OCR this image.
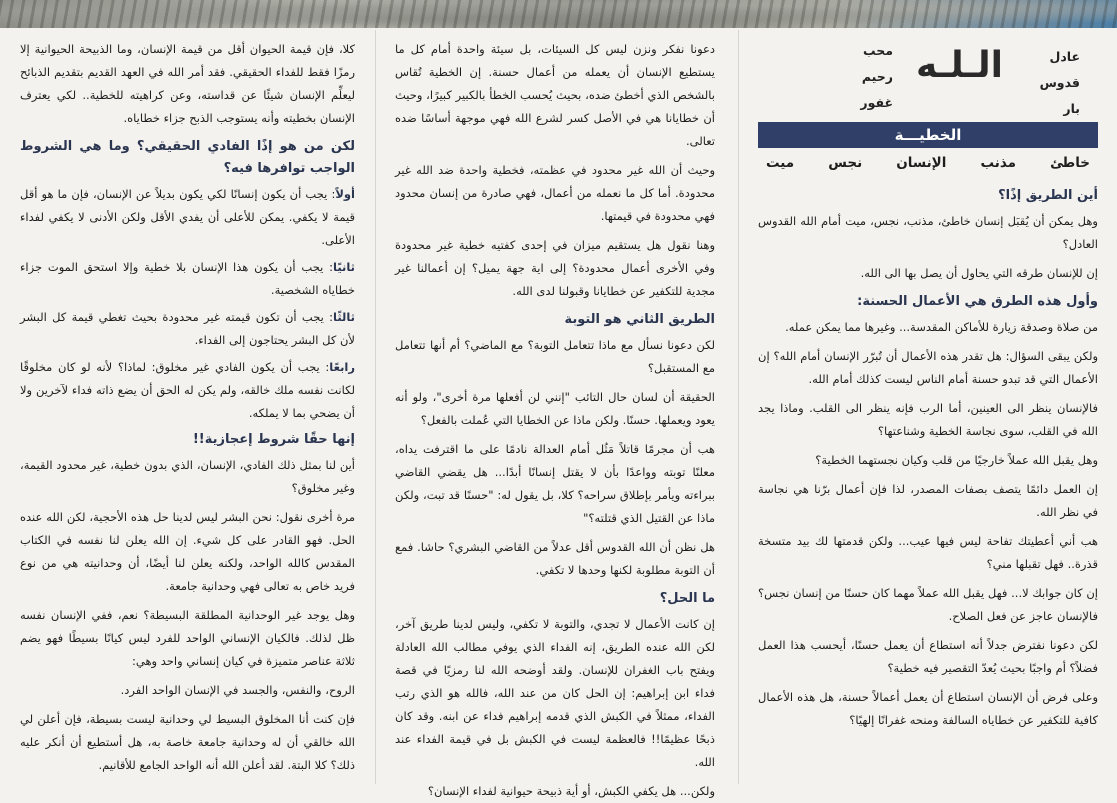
عادل
قدوس
بار
الـلـه
محب
رحيم
غفور
الخطيـــة
خاطئ
مذنب
الإنسان
نجس
ميت
أين الطريق إذًا؟

وهل يمكن أن يُقبَل إنسان خاطئ، مذنب، نجس، ميت أمام الله القدوس العادل؟

إن للإنسان طرقه التي يحاول أن يصل بها الى الله.

وأول هذه الطرق هي الأعمال الحسنة:

من صلاة وصدقة زيارة للأماكن المقدسة... وغيرها مما يمكن عمله.

ولكن يبقى السؤال: هل تقدر هذه الأعمال أن تُبرّر الإنسان أمام الله؟ إن الأعمال التي قد تبدو حسنة أمام الناس ليست كذلك أمام الله.

فالإنسان ينظر الى العينين، أما الرب فإنه ينظر الى القلب. وماذا يجد الله في القلب، سوى نجاسة الخطية وشناعتها؟

وهل يقبل الله عملاً خارجيًا من قلب وكيان نجستهما الخطية؟

إن العمل دائمًا يتصف بصفات المصدر، لذا فإن أعمال برّنا هي نجاسة في نظر الله.

هب أني أعطيتك تفاحة ليس فيها عيب... ولكن قدمتها لك بيد متسخة قذرة.. فهل تقبلها مني؟

إن كان جوابك لا... فهل يقبل الله عملاً مهما كان حسنًا من إنسان نجس؟ فالإنسان عاجز عن فعل الصلاح.

لكن دعونا نفترض جدلاً أنه استطاع أن يعمل حسنًا، أيحسب هذا العمل فضلاً؟ أم واجبًا بحيث يُعدّ التقصير فيه خطية؟

وعلى فرض أن الإنسان استطاع أن يعمل أعمالاً حسنة، هل هذه الأعمال كافية للتكفير عن خطاياه السالفة ومنحه غفرانًا إلهيًا؟

دعونا نفكر ونزن ليس كل السيئات، بل سيئة واحدة أمام كل ما يستطيع الإنسان أن يعمله من أعمال حسنة. إن الخطية تُقاس بالشخص الذي أخطئ ضده، بحيث يُحسب الخطأ بالكبير كبيرًا، وحيث أن خطايانا هي في الأصل كسر لشرع الله فهي موجهة أساسًا ضده تعالى.

وحيث أن الله غير محدود في عظمته، فخطية واحدة ضد الله غير محدودة. أما كل ما نعمله من أعمال، فهي صادرة من إنسان محدود فهي محدودة في قيمتها.

وهنا نقول هل يستقيم ميزان في إحدى كفتيه خطية غير محدودة وفي الأخرى أعمال محدودة؟ إلى اية جهة يميل؟ إن أعمالنا غير مجدية للتكفير عن خطايانا وقبولنا لدى الله.

الطريق الثاني هو التوبة

لكن دعونا نسأل مع ماذا تتعامل التوبة؟ مع الماضي؟ أم أنها تتعامل مع المستقبل؟

الحقيقة أن لسان حال التائب "إنني لن أفعلها مرة أخرى"، ولو أنه يعود ويعملها. حسنًا. ولكن ماذا عن الخطايا التي عُملت بالفعل؟

هب أن مجرمًا قاتلاً مَثُل أمام العدالة نادمًا على ما اقترفت يداه، معلنًا توبته وواعدًا بأن لا يقتل إنسانًا أبدًا... هل يقضي القاضي ببراءته ويأمر بإطلاق سراحه؟ كلا، بل يقول له: "حسنًا قد تبت، ولكن ماذا عن القتيل الذي قتلته؟"

هل نظن أن الله القدوس أقل عدلاً من القاضي البشري؟ حاشا. فمع أن التوبة مطلوبة لكنها وحدها لا تكفي.

ما الحل؟

إن كانت الأعمال لا تجدي، والتوبة لا تكفي، وليس لدينا طريق آخر، لكن الله عنده الطريق، إنه الفداء الذي يوفي مطالب الله العادلة ويفتح باب الغفران للإنسان. ولقد أوضحه الله لنا رمزيًا في قصة فداء ابن إبراهيم: إن الحل كان من عند الله، فالله هو الذي رتب الفداء، ممثلاً في الكبش الذي قدمه إبراهيم فداء عن ابنه. وقد كان ذبحًا عظيمًا!! فالعظمة ليست في الكبش بل في قيمة الفداء عند الله.

ولكن... هل يكفي الكبش، أو أية ذبيحة حيوانية لفداء الإنسان؟

كلا، فإن قيمة الحيوان أقل من قيمة الإنسان، وما الذبيحة الحيوانية إلا رمزًا فقط للفداء الحقيقي. فقد أمر الله في العهد القديم بتقديم الذبائح ليعلِّم الإنسان شيئًا عن قداسته، وعن كراهيته للخطية.. لكي يعترف الإنسان بخطيته وأنه يستوجب الذبح جزاء خطاياه.

لكن من هو إذًا الفادي الحقيقي؟ وما هي الشروط الواجب توافرها فيه؟

أولاً: يجب أن يكون إنسانًا لكي يكون بديلاً عن الإنسان، فإن ما هو أقل قيمة لا يكفي. يمكن للأعلى أن يفدي الأقل ولكن الأدنى لا يكفي لفداء الأعلى.

ثانيًا: يجب أن يكون هذا الإنسان بلا خطية وإلا استحق الموت جزاء خطاياه الشخصية.

ثالثًا: يجب أن تكون قيمته غير محدودة بحيث تغطي قيمة كل البشر لأن كل البشر يحتاجون إلى الفداء.

رابعًا: يجب أن يكون الفادي غير مخلوق: لماذا؟ لأنه لو كان مخلوقًا لكانت نفسه ملك خالقه، ولم يكن له الحق أن يضع ذاته فداء لآخرين ولا أن يضحي بما لا يملكه.

إنها حقًا شروط إعجازية!!

أين لنا بمثل ذلك الفادي، الإنسان، الذي بدون خطية، غير محدود القيمة، وغير مخلوق؟

مرة أخرى نقول: نحن البشر ليس لدينا حل هذه الأحجية، لكن الله عنده الحل. فهو القادر على كل شيء. إن الله يعلن لنا نفسه في الكتاب المقدس كالله الواحد، ولكنه يعلن لنا أيضًا، أن وحدانيته هي من نوع فريد خاص به تعالى فهي وحدانية جامعة.

وهل يوجد غير الوحدانية المطلقة البسيطة؟ نعم، ففي الإنسان نفسه ظل لذلك. فالكيان الإنساني الواحد للفرد ليس كيانًا بسيطًا فهو يضم ثلاثة عناصر متميزة في كيان إنساني واحد وهي:

الروح، والنفس، والجسد في الإنسان الواحد الفرد.

فإن كنت أنا المخلوق البسيط لي وحدانية ليست بسيطة، فإن أعلن لي الله خالقي أن له وحدانية جامعة خاصة به، هل أستطيع أن أنكر عليه ذلك؟ كلا البتة. لقد أعلن الله أنه الواحد الجامع للأقانيم.
